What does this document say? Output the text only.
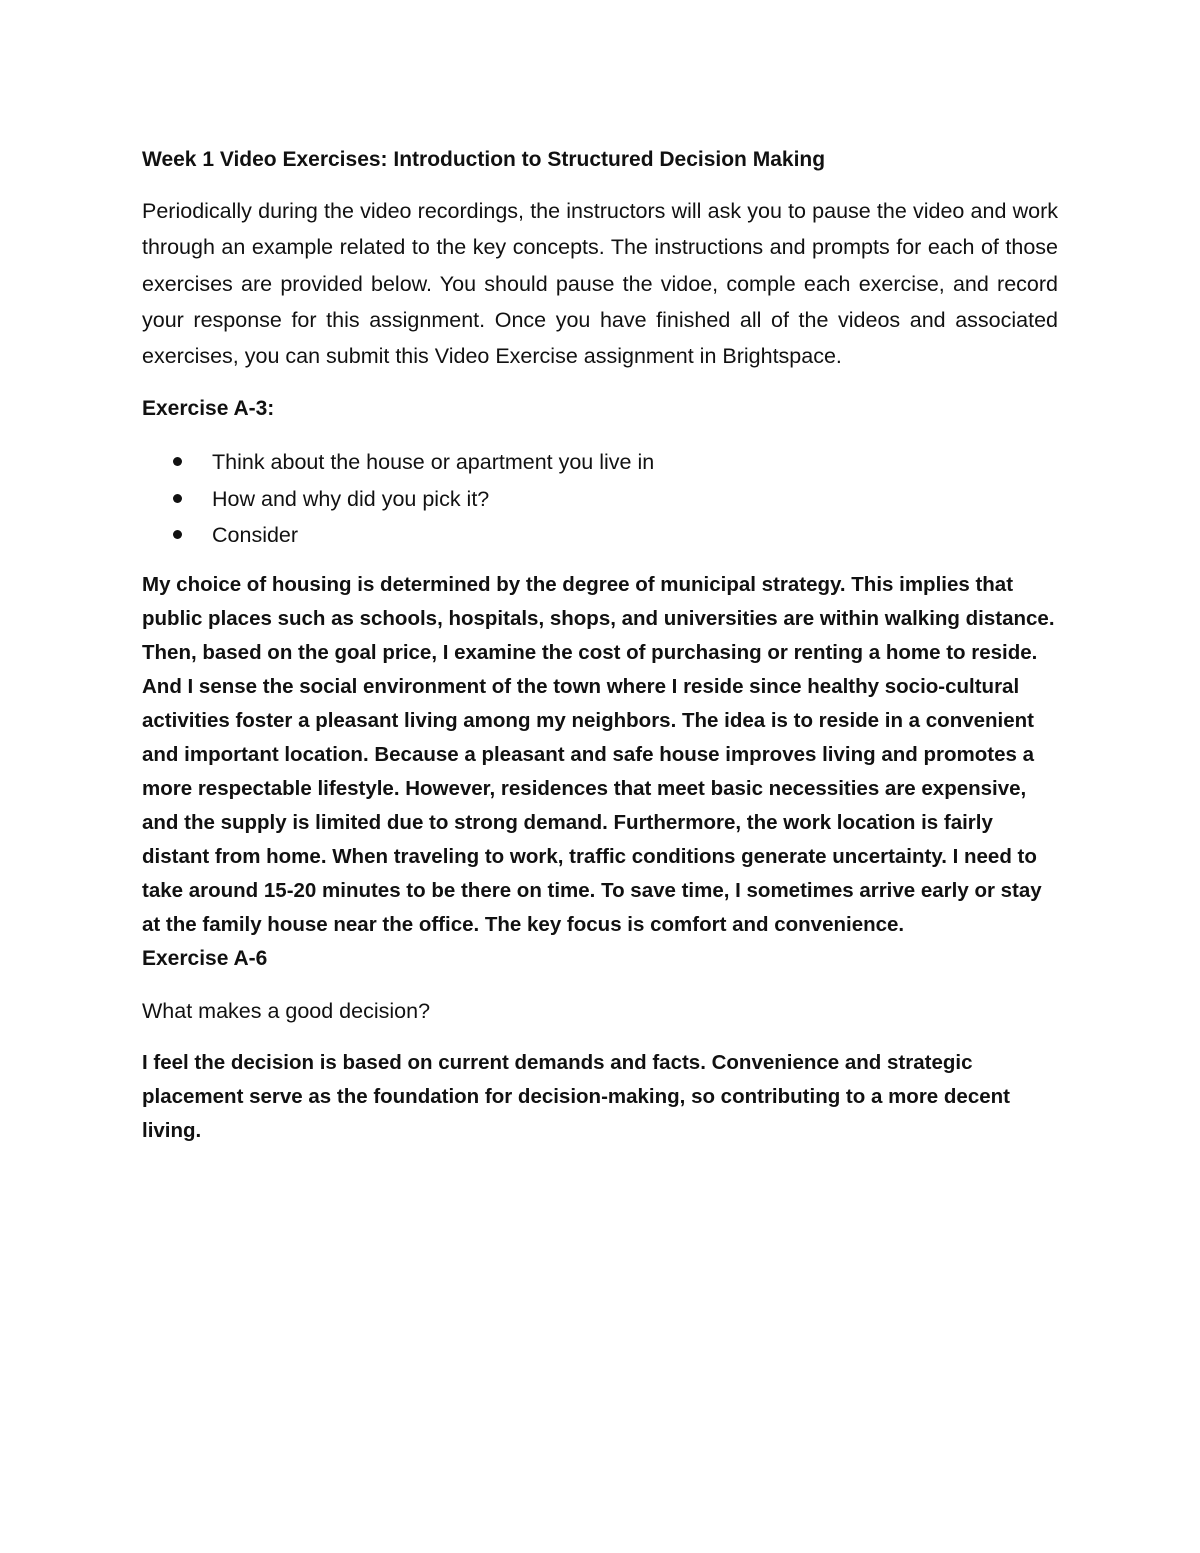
Week 1 Video Exercises: Introduction to Structured Decision Making

Periodically during the video recordings, the instructors will ask you to pause the video and work through an example related to the key concepts. The instructions and prompts for each of those exercises are provided below. You should pause the vidoe, comple each exercise, and record your response for this assignment. Once you have finished all of the videos and associated exercises, you can submit this Video Exercise assignment in Brightspace.

Exercise A-3:
Think about the house or apartment you live in
How and why did you pick it?
Consider

My choice of housing is determined by the degree of municipal strategy. This implies that public places such as schools, hospitals, shops, and universities are within walking distance. Then, based on the goal price, I examine the cost of purchasing or renting a home to reside. And I sense the social environment of the town where I reside since healthy socio-cultural activities foster a pleasant living among my neighbors. The idea is to reside in a convenient and important location. Because a pleasant and safe house improves living and promotes a more respectable lifestyle. However, residences that meet basic necessities are expensive, and the supply is limited due to strong demand. Furthermore, the work location is fairly distant from home. When traveling to work, traffic conditions generate uncertainty. I need to take around 15-20 minutes to be there on time. To save time, I sometimes arrive early or stay at the family house near the office. The key focus is comfort and convenience.

Exercise A-6

What makes a good decision?

I feel the decision is based on current demands and facts. Convenience and strategic placement serve as the foundation for decision-making, so contributing to a more decent living.
